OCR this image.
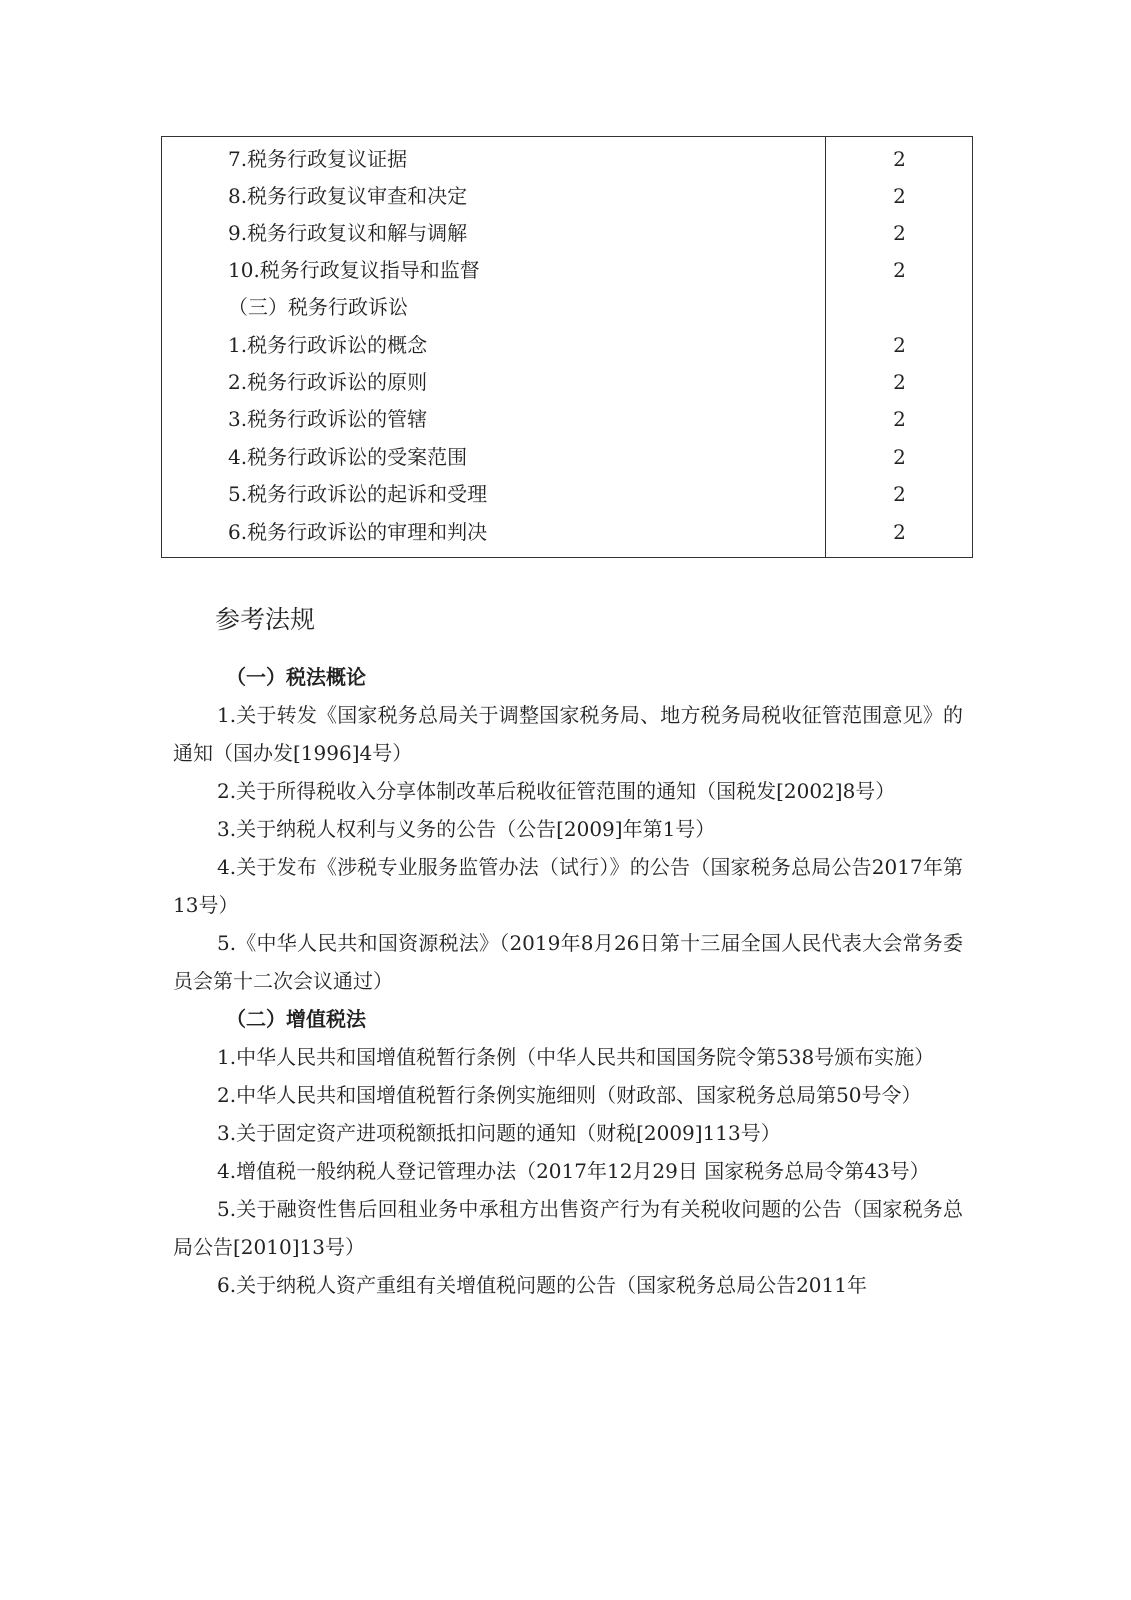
7.税务行政复议证据	2
8.税务行政复议审查和决定	2
9.税务行政复议和解与调解	2
10.税务行政复议指导和监督	2
（三）税务行政诉讼
1.税务行政诉讼的概念	2
2.税务行政诉讼的原则	2
3.税务行政诉讼的管辖	2
4.税务行政诉讼的受案范围	2
5.税务行政诉讼的起诉和受理	2
6.税务行政诉讼的审理和判决	2
参考法规

（一）税法概论

1.关于转发《国家税务总局关于调整国家税务局、地方税务局税收征管范围意见》的通知（国办发[1996]4号）

2.关于所得税收入分享体制改革后税收征管范围的通知（国税发[2002]8号）

3.关于纳税人权利与义务的公告（公告[2009]年第1号）

4.关于发布《涉税专业服务监管办法（试行）》的公告（国家税务总局公告2017年第13号）

5.《中华人民共和国资源税法》（2019年8月26日第十三届全国人民代表大会常务委员会第十二次会议通过）

（二）增值税法

1.中华人民共和国增值税暂行条例（中华人民共和国国务院令第538号颁布实施）

2.中华人民共和国增值税暂行条例实施细则（财政部、国家税务总局第50号令）

3.关于固定资产进项税额抵扣问题的通知（财税[2009]113号）

4.增值税一般纳税人登记管理办法（2017年12月29日 国家税务总局令第43号）

5.关于融资性售后回租业务中承租方出售资产行为有关税收问题的公告（国家税务总局公告[2010]13号）

6.关于纳税人资产重组有关增值税问题的公告（国家税务总局公告2011年
